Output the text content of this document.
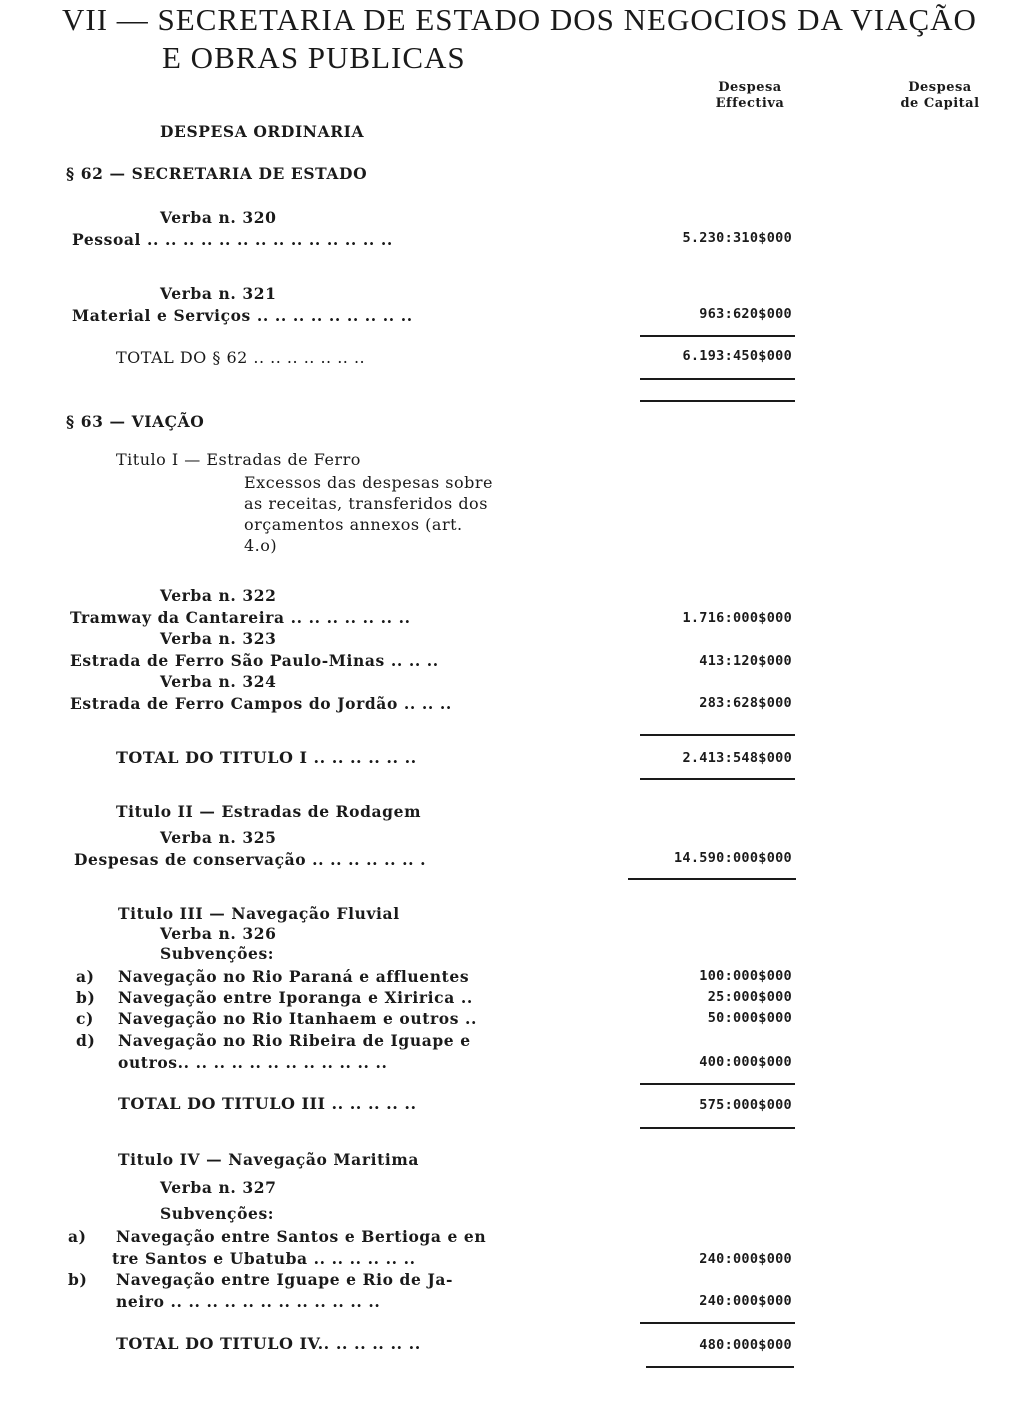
VII — SECRETARIA DE ESTADO DOS NEGOCIOS DA VIAÇÃO
E OBRAS PUBLICAS
Despesa
Effectiva
Despesa
de Capital
DESPESA ORDINARIA
§ 62 — SECRETARIA DE ESTADO
Verba n. 320
Pessoal .. .. .. .. .. .. .. .. .. .. .. .. .. ..	5.230:310$000
Verba n. 321
Material e Serviços .. .. .. .. .. .. .. .. ..	963:620$000
TOTAL DO § 62 .. .. .. .. .. .. ..	6.193:450$000
§ 63 — VIAÇÃO
Titulo I — Estradas de Ferro
Excessos das despesas sobre
as receitas, transferidos dos
orçamentos annexos (art.
4.o)
Verba n. 322
Tramway da Cantareira .. .. .. .. .. .. ..	1.716:000$000
Verba n. 323
Estrada de Ferro São Paulo-Minas .. .. ..	413:120$000
Verba n. 324
Estrada de Ferro Campos do Jordão .. .. ..	283:628$000
TOTAL DO TITULO I .. .. .. .. .. ..	2.413:548$000
Titulo II — Estradas de Rodagem
Verba n. 325
Despesas de conservação .. .. .. .. .. .. .	14.590:000$000
Titulo III — Navegação Fluvial
Verba n. 326
Subvenções:
a) Navegação no Rio Paraná e affluentes	100:000$000
b) Navegação entre Iporanga e Xiririca ..	25:000$000
c) Navegação no Rio Itanhaem e outros ..	50:000$000
d) Navegação no Rio Ribeira de Iguape e
outros.. .. .. .. .. .. .. .. .. .. .. ..	400:000$000
TOTAL DO TITULO III .. .. .. .. ..	575:000$000
Titulo IV — Navegação Maritima
Verba n. 327
Subvenções:
a) Navegação entre Santos e Bertioga e en
tre Santos e Ubatuba .. .. .. .. .. ..	240:000$000
b) Navegação entre Iguape e Rio de Ja-
neiro .. .. .. .. .. .. .. .. .. .. .. ..	240:000$000
TOTAL DO TITULO IV.. .. .. .. .. ..	480:000$000
